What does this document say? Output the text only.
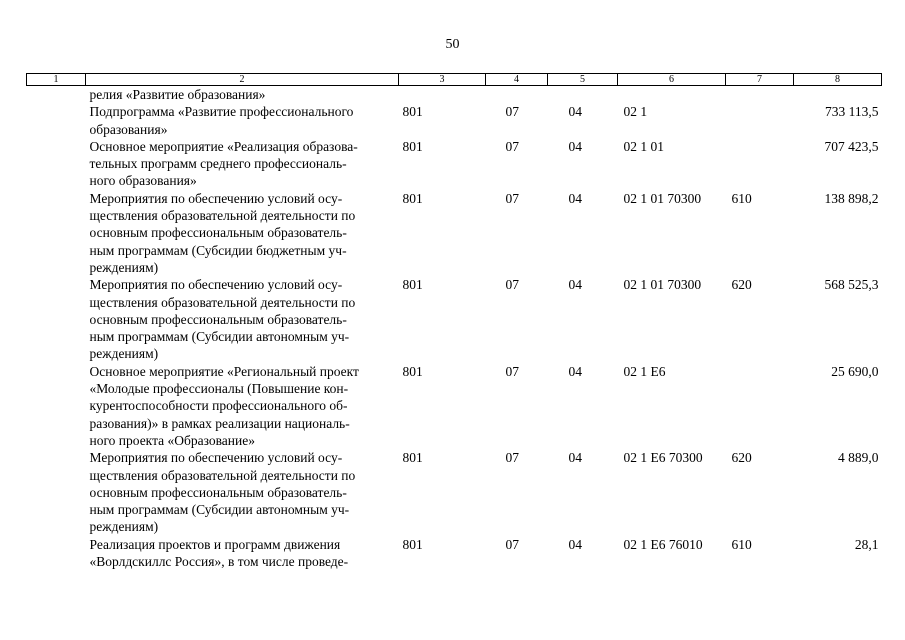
50
1	2	3	4	5	6	7	8

	релия «Развитие образования»						

	Подпрограмма «Развитие профессионального
образования»	801	07	04	02 1		733 113,5

	Основное мероприятие «Реализация образова-
тельных программ среднего профессиональ-
ного образования»	801	07	04	02 1 01		707 423,5

	Мероприятия по обеспечению условий осу-
ществления образовательной деятельности по
основным профессиональным образователь-
ным программам (Субсидии бюджетным уч-
реждениям)	801	07	04	02 1 01 70300	610	138 898,2

	Мероприятия по обеспечению условий осу-
ществления образовательной деятельности по
основным профессиональным образователь-
ным программам (Субсидии автономным уч-
реждениям)	801	07	04	02 1 01 70300	620	568 525,3

	Основное мероприятие «Региональный проект
«Молодые профессионалы (Повышение кон-
курентоспособности профессионального об-
разования)» в рамках реализации националь-
ного проекта «Образование»	801	07	04	02 1 E6		25 690,0

	Мероприятия по обеспечению условий осу-
ществления образовательной деятельности по
основным профессиональным образователь-
ным программам (Субсидии автономным уч-
реждениям)	801	07	04	02 1 E6 70300	620	4 889,0

	Реализация проектов и программ движения
«Ворлдскиллс Россия», в том числе проведе-	801	07	04	02 1 E6 76010	610	28,1
